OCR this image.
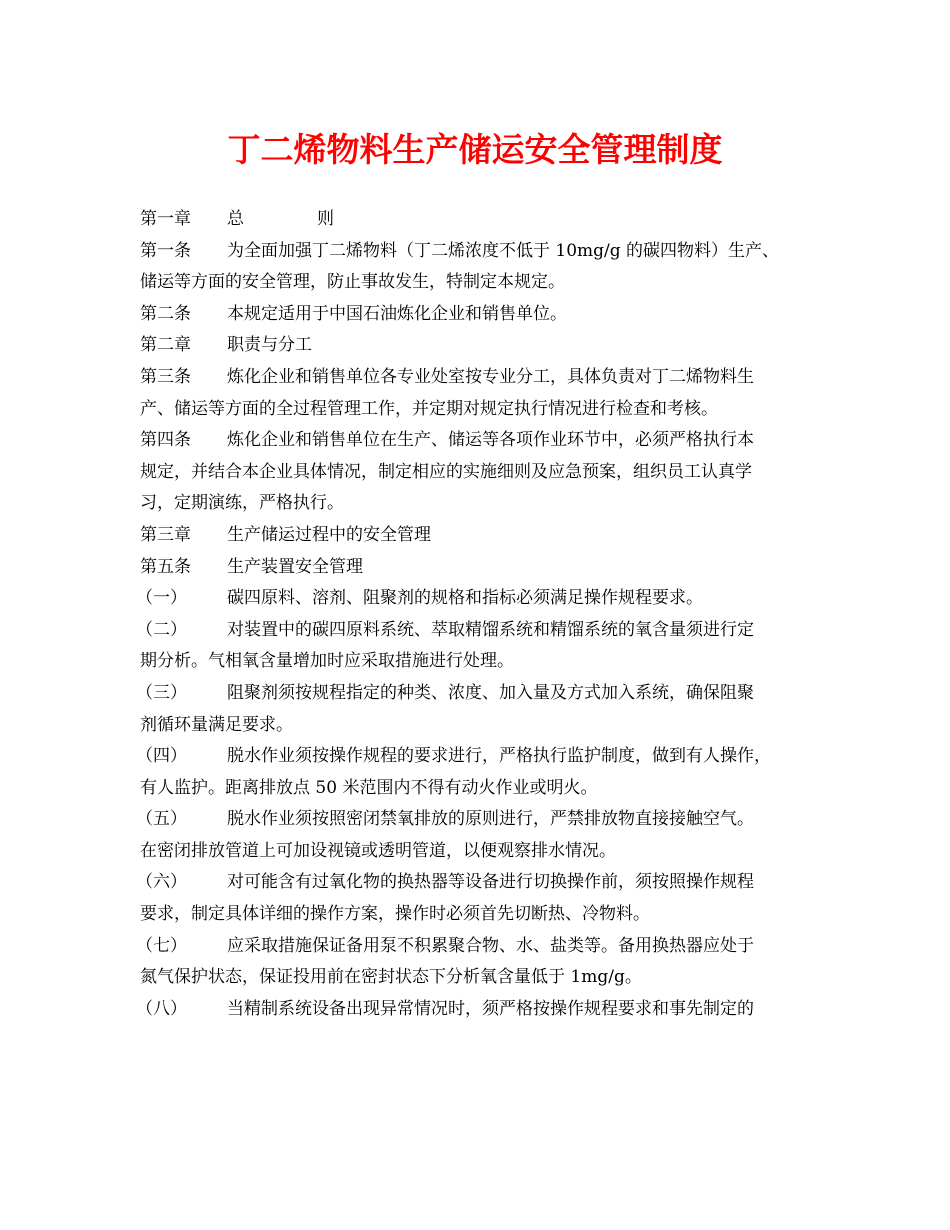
丁二烯物料生产储运安全管理制度
第一章 总	则
第一条 为全面加强丁二烯物料（丁二烯浓度不低于 10mg/g 的碳四物料）生产、
储运等方面的安全管理，防止事故发生，特制定本规定。
第二条 本规定适用于中国石油炼化企业和销售单位。
第二章 职责与分工
第三条 炼化企业和销售单位各专业处室按专业分工，具体负责对丁二烯物料生
产、储运等方面的全过程管理工作，并定期对规定执行情况进行检查和考核。
第四条 炼化企业和销售单位在生产、储运等各项作业环节中，必须严格执行本
规定，并结合本企业具体情况，制定相应的实施细则及应急预案，组织员工认真学
习，定期演练，严格执行。
第三章 生产储运过程中的安全管理
第五条 生产装置安全管理
（一） 碳四原料、溶剂、阻聚剂的规格和指标必须满足操作规程要求。
（二） 对装置中的碳四原料系统、萃取精馏系统和精馏系统的氧含量须进行定
期分析。气相氧含量增加时应采取措施进行处理。
（三） 阻聚剂须按规程指定的种类、浓度、加入量及方式加入系统，确保阻聚
剂循环量满足要求。
（四） 脱水作业须按操作规程的要求进行，严格执行监护制度，做到有人操作，
有人监护。距离排放点 50 米范围内不得有动火作业或明火。
（五） 脱水作业须按照密闭禁氧排放的原则进行，严禁排放物直接接触空气。
在密闭排放管道上可加设视镜或透明管道，以便观察排水情况。
（六） 对可能含有过氧化物的换热器等设备进行切换操作前，须按照操作规程
要求，制定具体详细的操作方案，操作时必须首先切断热、冷物料。
（七） 应采取措施保证备用泵不积累聚合物、水、盐类等。备用换热器应处于
氮气保护状态，保证投用前在密封状态下分析氧含量低于 1mg/g。
（八） 当精制系统设备出现异常情况时，须严格按操作规程要求和事先制定的
